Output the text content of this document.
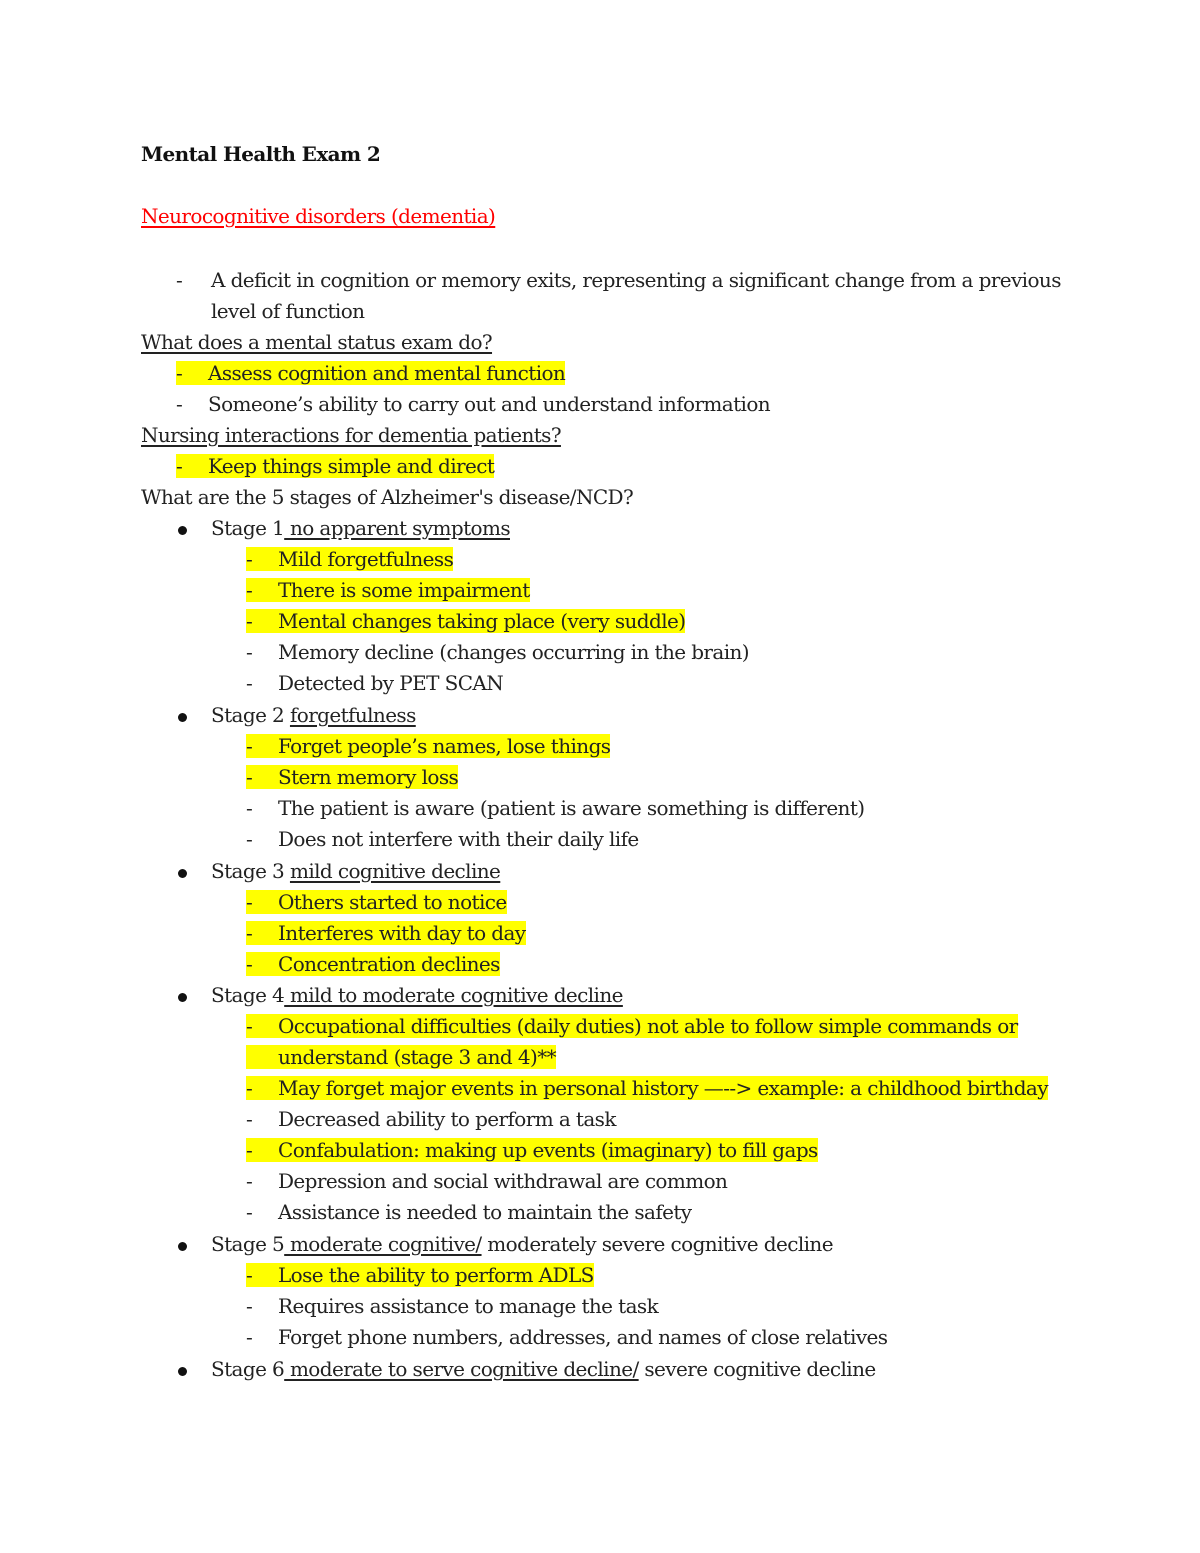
Mental Health Exam 2
Neurocognitive disorders (dementia)
- A deficit in cognition or memory exits, representing a significant change from a previous
level of function
What does a mental status exam do?
- Assess cognition and mental function
- Someone’s ability to carry out and understand information
Nursing interactions for dementia patients?
- Keep things simple and direct
What are the 5 stages of Alzheimer's disease/NCD?
Stage 1 no apparent symptoms
- Mild forgetfulness
- There is some impairment
- Mental changes taking place (very suddle)
- Memory decline (changes occurring in the brain)
- Detected by PET SCAN
Stage 2 forgetfulness
- Forget people’s names, lose things
- Stern memory loss
- The patient is aware (patient is aware something is different)
- Does not interfere with their daily life
Stage 3 mild cognitive decline
- Others started to notice
- Interferes with day to day
- Concentration declines
Stage 4 mild to moderate cognitive decline
- Occupational difficulties (daily duties) not able to follow simple commands or
understand (stage 3 and 4)**
- May forget major events in personal history —--> example: a childhood birthday
- Decreased ability to perform a task
- Confabulation: making up events (imaginary) to fill gaps
- Depression and social withdrawal are common
- Assistance is needed to maintain the safety
Stage 5 moderate cognitive/ moderately severe cognitive decline
- Lose the ability to perform ADLS
- Requires assistance to manage the task
- Forget phone numbers, addresses, and names of close relatives
Stage 6 moderate to serve cognitive decline/ severe cognitive decline
